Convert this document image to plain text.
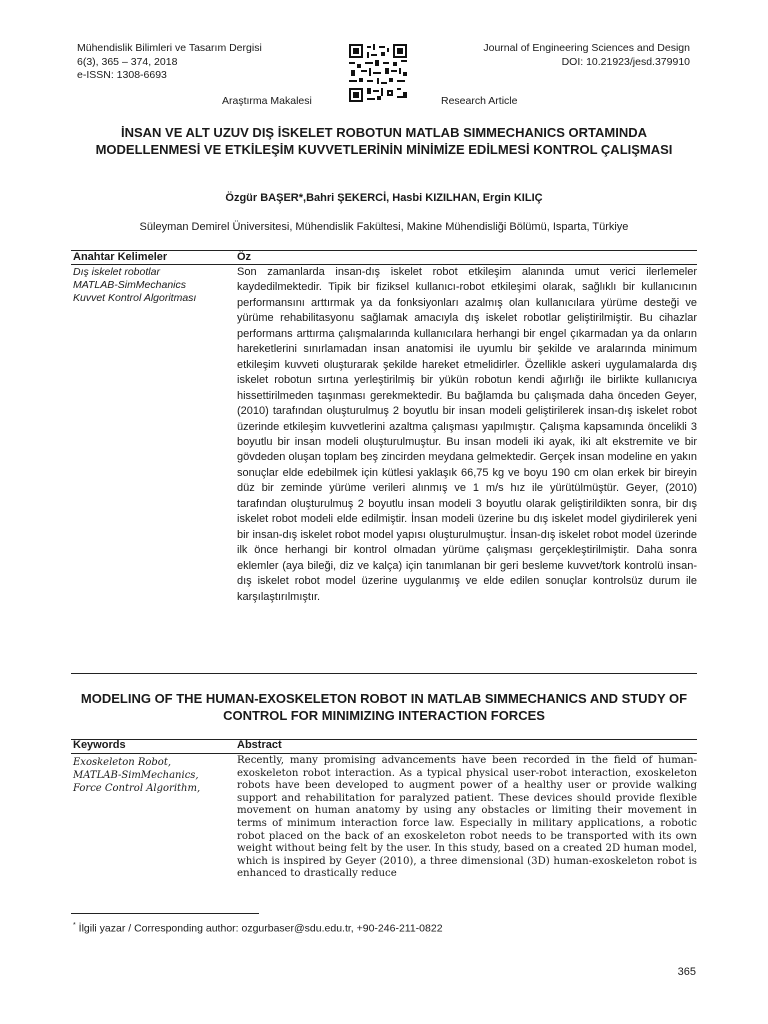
Mühendislik Bilimleri ve Tasarım Dergisi
6(3), 365 – 374, 2018
e-ISSN: 1308-6693
Journal of Engineering Sciences and Design
DOI: 10.21923/jesd.379910
Araştırma Makalesi	Research Article
İNSAN VE ALT UZUV DIŞ İSKELET ROBOTUN MATLAB SIMMECHANICS ORTAMINDA MODELLENMESİ VE ETKİLEŞİM KUVVETLERİNİN MİNİMİZE EDİLMESİ KONTROL ÇALIŞMASI
Özgür BAŞER*,Bahri ŞEKERCİ, Hasbi KIZILHAN, Ergin KILIÇ
Süleyman Demirel Üniversitesi, Mühendislik Fakültesi, Makine Mühendisliği Bölümü, Isparta, Türkiye
Anahtar Kelimeler	Öz
Dış iskelet robotlar
MATLAB-SimMechanics
Kuvvet Kontrol Algoritması

Son zamanlarda insan-dış iskelet robot etkileşim alanında umut verici ilerlemeler kaydedilmektedir. Tipik bir fiziksel kullanıcı-robot etkileşimi olarak, sağlıklı bir kullanıcının performansını arttırmak ya da fonksiyonları azalmış olan kullanıcılara yürüme desteği ve yürüme rehabilitasyonu sağlamak amacıyla dış iskelet robotlar geliştirilmiştir. Bu cihazlar performans arttırma çalışmalarında kullanıcılara herhangi bir engel çıkarmadan ya da onların hareketlerini sınırlamadan insan anatomisi ile uyumlu bir şekilde ve aralarında minimum etkileşim kuvveti oluşturarak şekilde hareket etmelidirler. Özellikle askeri uygulamalarda dış iskelet robotun sırtına yerleştirilmiş bir yükün robotun kendi ağırlığı ile birlikte kullanıcıya hissettirilmeden taşınması gerekmektedir. Bu bağlamda bu çalışmada daha önceden Geyer, (2010) tarafından oluşturulmuş 2 boyutlu bir insan modeli geliştirilerek insan-dış iskelet robot üzerinde etkileşim kuvvetlerini azaltma çalışması yapılmıştır. Çalışma kapsamında öncelikli 3 boyutlu bir insan modeli oluşturulmuştur. Bu insan modeli iki ayak, iki alt ekstremite ve bir gövdeden oluşan toplam beş zincirden meydana gelmektedir. Gerçek insan modeline en yakın sonuçlar elde edebilmek için kütlesi yaklaşık 66,75 kg ve boyu 190 cm olan erkek bir bireyin düz bir zeminde yürüme verileri alınmış ve 1 m/s hız ile yürütülmüştür. Geyer, (2010) tarafından oluşturulmuş 2 boyutlu insan modeli 3 boyutlu olarak geliştirildikten sonra, bir dış iskelet robot modeli elde edilmiştir. İnsan modeli üzerine bu dış iskelet model giydirilerek yeni bir insan-dış iskelet robot model yapısı oluşturulmuştur. İnsan-dış iskelet robot model üzerinde ilk önce herhangi bir kontrol olmadan yürüme çalışması gerçekleştirilmiştir. Daha sonra eklemler (aya bileği, diz ve kalça) için tanımlanan bir geri besleme kuvvet/tork kontrolü insan-dış iskelet robot model üzerine uygulanmış ve elde edilen sonuçlar kontrolsüz durum ile karşılaştırılmıştır.

MODELING OF THE HUMAN-EXOSKELETON ROBOT IN MATLAB SIMMECHANICS AND STUDY OF CONTROL FOR MINIMIZING INTERACTION FORCES
Keywords	Abstract
Exoskeleton Robot,
MATLAB-SimMechanics,
Force Control Algorithm,

Recently, many promising advancements have been recorded in the field of human-exoskeleton robot interaction. As a typical physical user-robot interaction, exoskeleton robots have been developed to augment power of a healthy user or provide walking support and rehabilitation for paralyzed patient. These devices should provide flexible movement on human anatomy by using any obstacles or limiting their movement in terms of minimum interaction force law. Especially in military applications, a robotic robot placed on the back of an exoskeleton robot needs to be transported with its own weight without being felt by the user. In this study, based on a created 2D human model, which is inspired by Geyer (2010), a three dimensional (3D) human-exoskeleton robot is enhanced to drastically reduce

* İlgili yazar / Corresponding author: ozgurbaser@sdu.edu.tr, +90-246-211-0822
365
